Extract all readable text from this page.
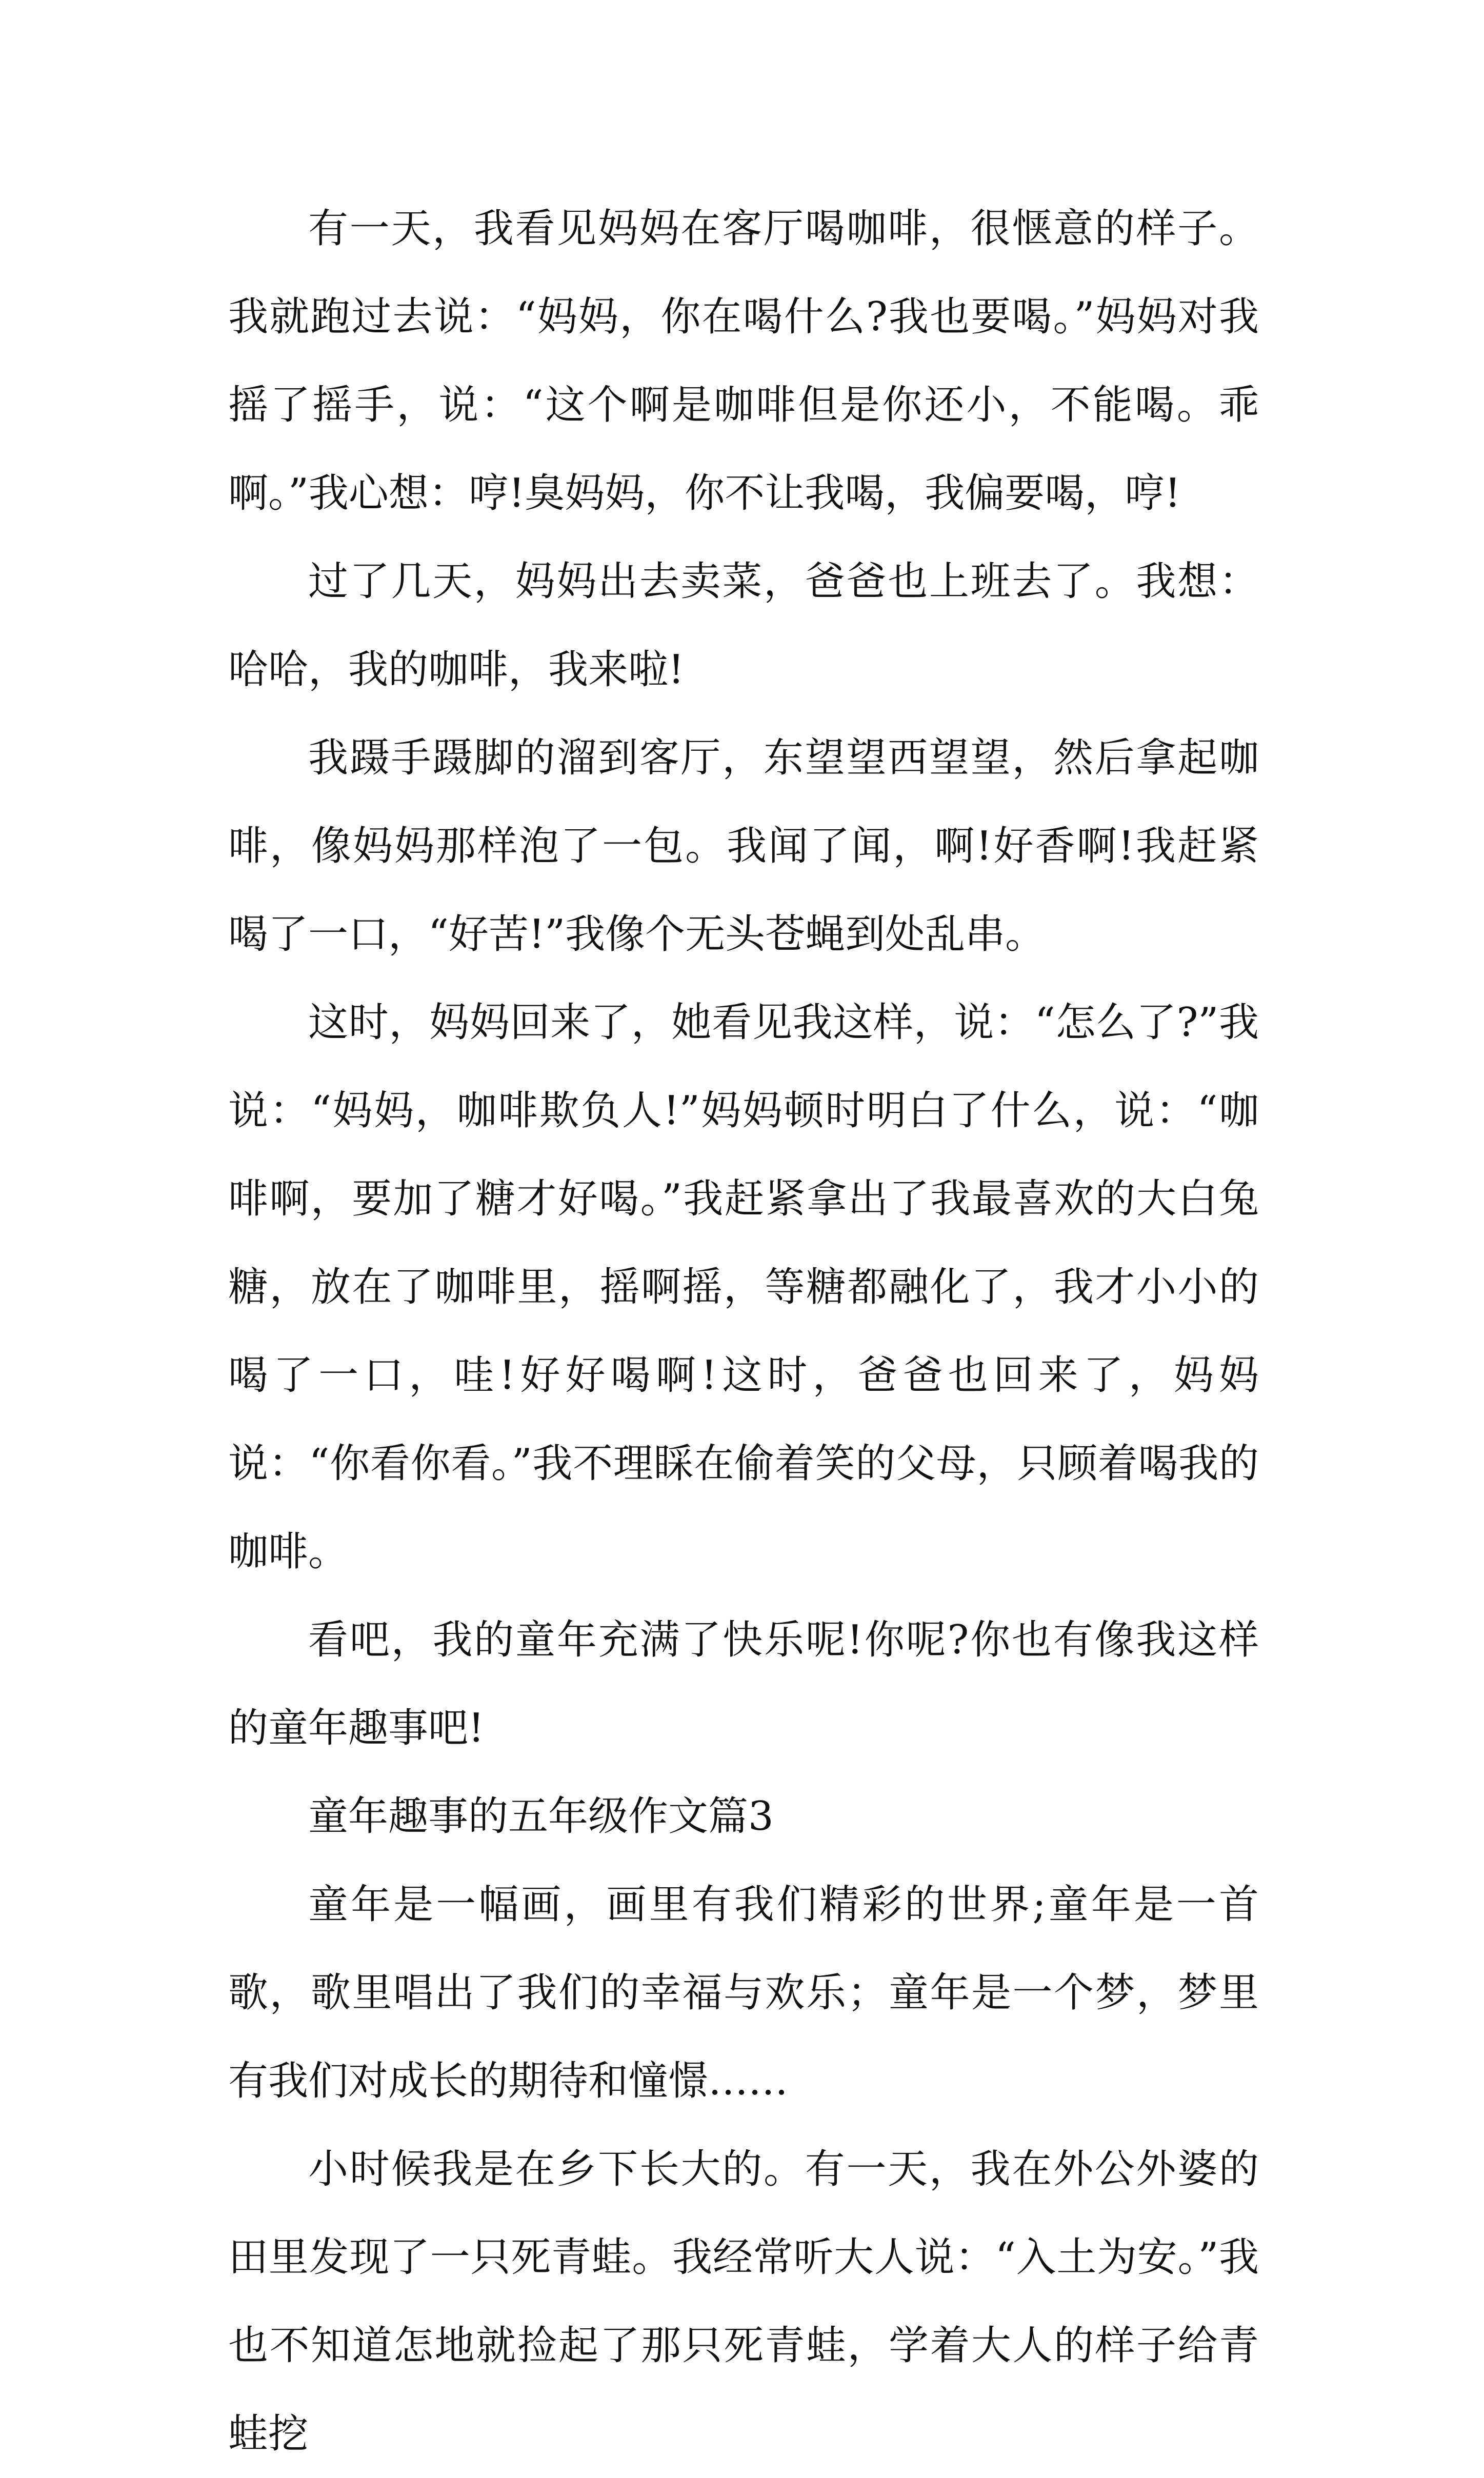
有一天，我看见妈妈在客厅喝咖啡，很惬意的样子。我就跑过去说：“妈妈，你在喝什么?我也要喝。”妈妈对我摇了摇手，说：“这个啊是咖啡但是你还小，不能喝。乖啊。”我心想：哼!臭妈妈，你不让我喝，我偏要喝，哼!

过了几天，妈妈出去卖菜，爸爸也上班去了。我想：哈哈，我的咖啡，我来啦!

我蹑手蹑脚的溜到客厅，东望望西望望，然后拿起咖啡，像妈妈那样泡了一包。我闻了闻，啊!好香啊!我赶紧喝了一口，“好苦!”我像个无头苍蝇到处乱串。

这时，妈妈回来了，她看见我这样，说：“怎么了?”我说：“妈妈，咖啡欺负人!”妈妈顿时明白了什么，说：“咖啡啊，要加了糖才好喝。”我赶紧拿出了我最喜欢的大白兔糖，放在了咖啡里，摇啊摇，等糖都融化了，我才小小的喝了一口，哇!好好喝啊!这时，爸爸也回来了，妈妈说：“你看你看。”我不理睬在偷着笑的父母，只顾着喝我的咖啡。

看吧，我的童年充满了快乐呢!你呢?你也有像我这样的童年趣事吧!

童年趣事的五年级作文篇3

童年是一幅画，画里有我们精彩的世界;童年是一首歌，歌里唱出了我们的幸福与欢乐；童年是一个梦，梦里有我们对成长的期待和憧憬……

小时候我是在乡下长大的。有一天，我在外公外婆的田里发现了一只死青蛙。我经常听大人说：“入土为安。”我也不知道怎地就捡起了那只死青蛙，学着大人的样子给青蛙挖
